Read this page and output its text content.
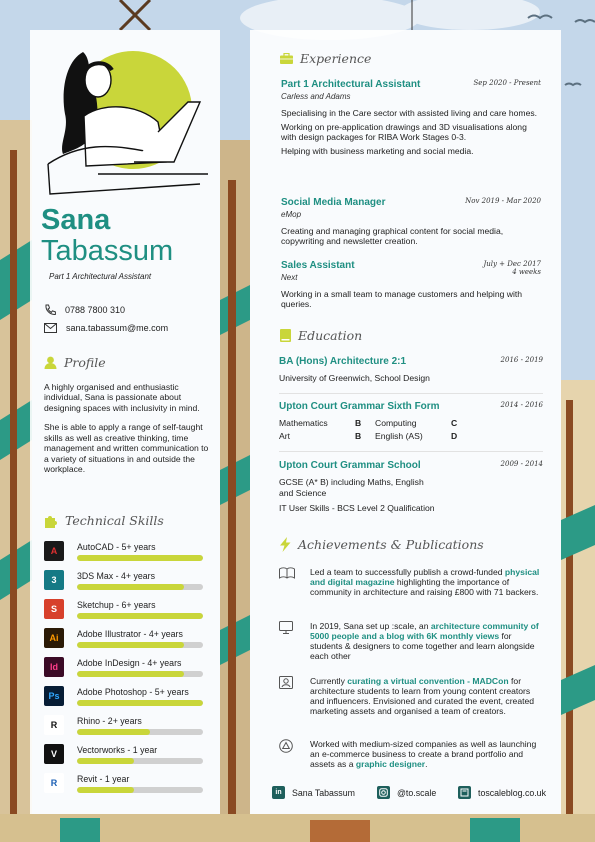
Sana
Tabassum
Part 1 Architectural Assistant
0788 7800 310
sana.tabassum@me.com
Profile

A highly organised and enthusiastic individual, Sana is passionate about designing spaces with inclusivity in mind.

She is able to apply a range of self-taught skills as well as creative thinking, time management and written communication to a variety of situations in and outside the workplace.

Technical Skills
A	AutoCAD - 5+ years
3	3DS Max - 4+ years
S	Sketchup - 6+ years
Ai	Adobe Illustrator - 4+ years
Id	Adobe InDesign - 4+ years
Ps	Adobe Photoshop - 5+ years
R	Rhino - 2+ years
V	Vectorworks - 1 year
R	Revit - 1 year
Experience
Part 1 Architectural Assistant
Carless and Adams
Sep 2020 - Present
Specialising in the Care sector with assisted living and care homes.
Working on pre-application drawings and 3D visualisations along with design packages for RIBA Work Stages 0-3.
Helping with business marketing and social media.
Social Media Manager
eMop
Nov 2019 - Mar 2020
Creating and managing graphical content for social media, copywriting and newsletter creation.
Sales Assistant
Next
July + Dec 2017
4 weeks
Working in a small team to manage customers and helping with queries.
Education
BA (Hons) Architecture 2:1	2016 - 2019
University of Greenwich, School Design
Upton Court Grammar Sixth Form	2014 - 2016
Mathematics	B	Computing	C
Art	B	English (AS)	D
Upton Court Grammar School	2009 - 2014
GCSE (A* B) including Maths, English and Science
IT User Skills - BCS Level 2 Qualification
Achievements & Publications
Led a team to successfully publish a crowd-funded physical and digital magazine highlighting the importance of community in architecture and raising £800 with 71 backers.
In 2019, Sana set up :scale, an architecture community of 5000 people and a blog with 6K monthly views for students & designers to come together and learn alongside each other
Currently curating a virtual convention - MADCon for architecture students to learn from young content creators and influencers. Envisioned and curated the event, created marketing assets and organised a team of creators.
Worked with medium-sized companies as well as launching an e-commerce business to create a brand portfolio and assets as a graphic designer.
in	Sana Tabassum	@to.scale	toscaleblog.co.uk
